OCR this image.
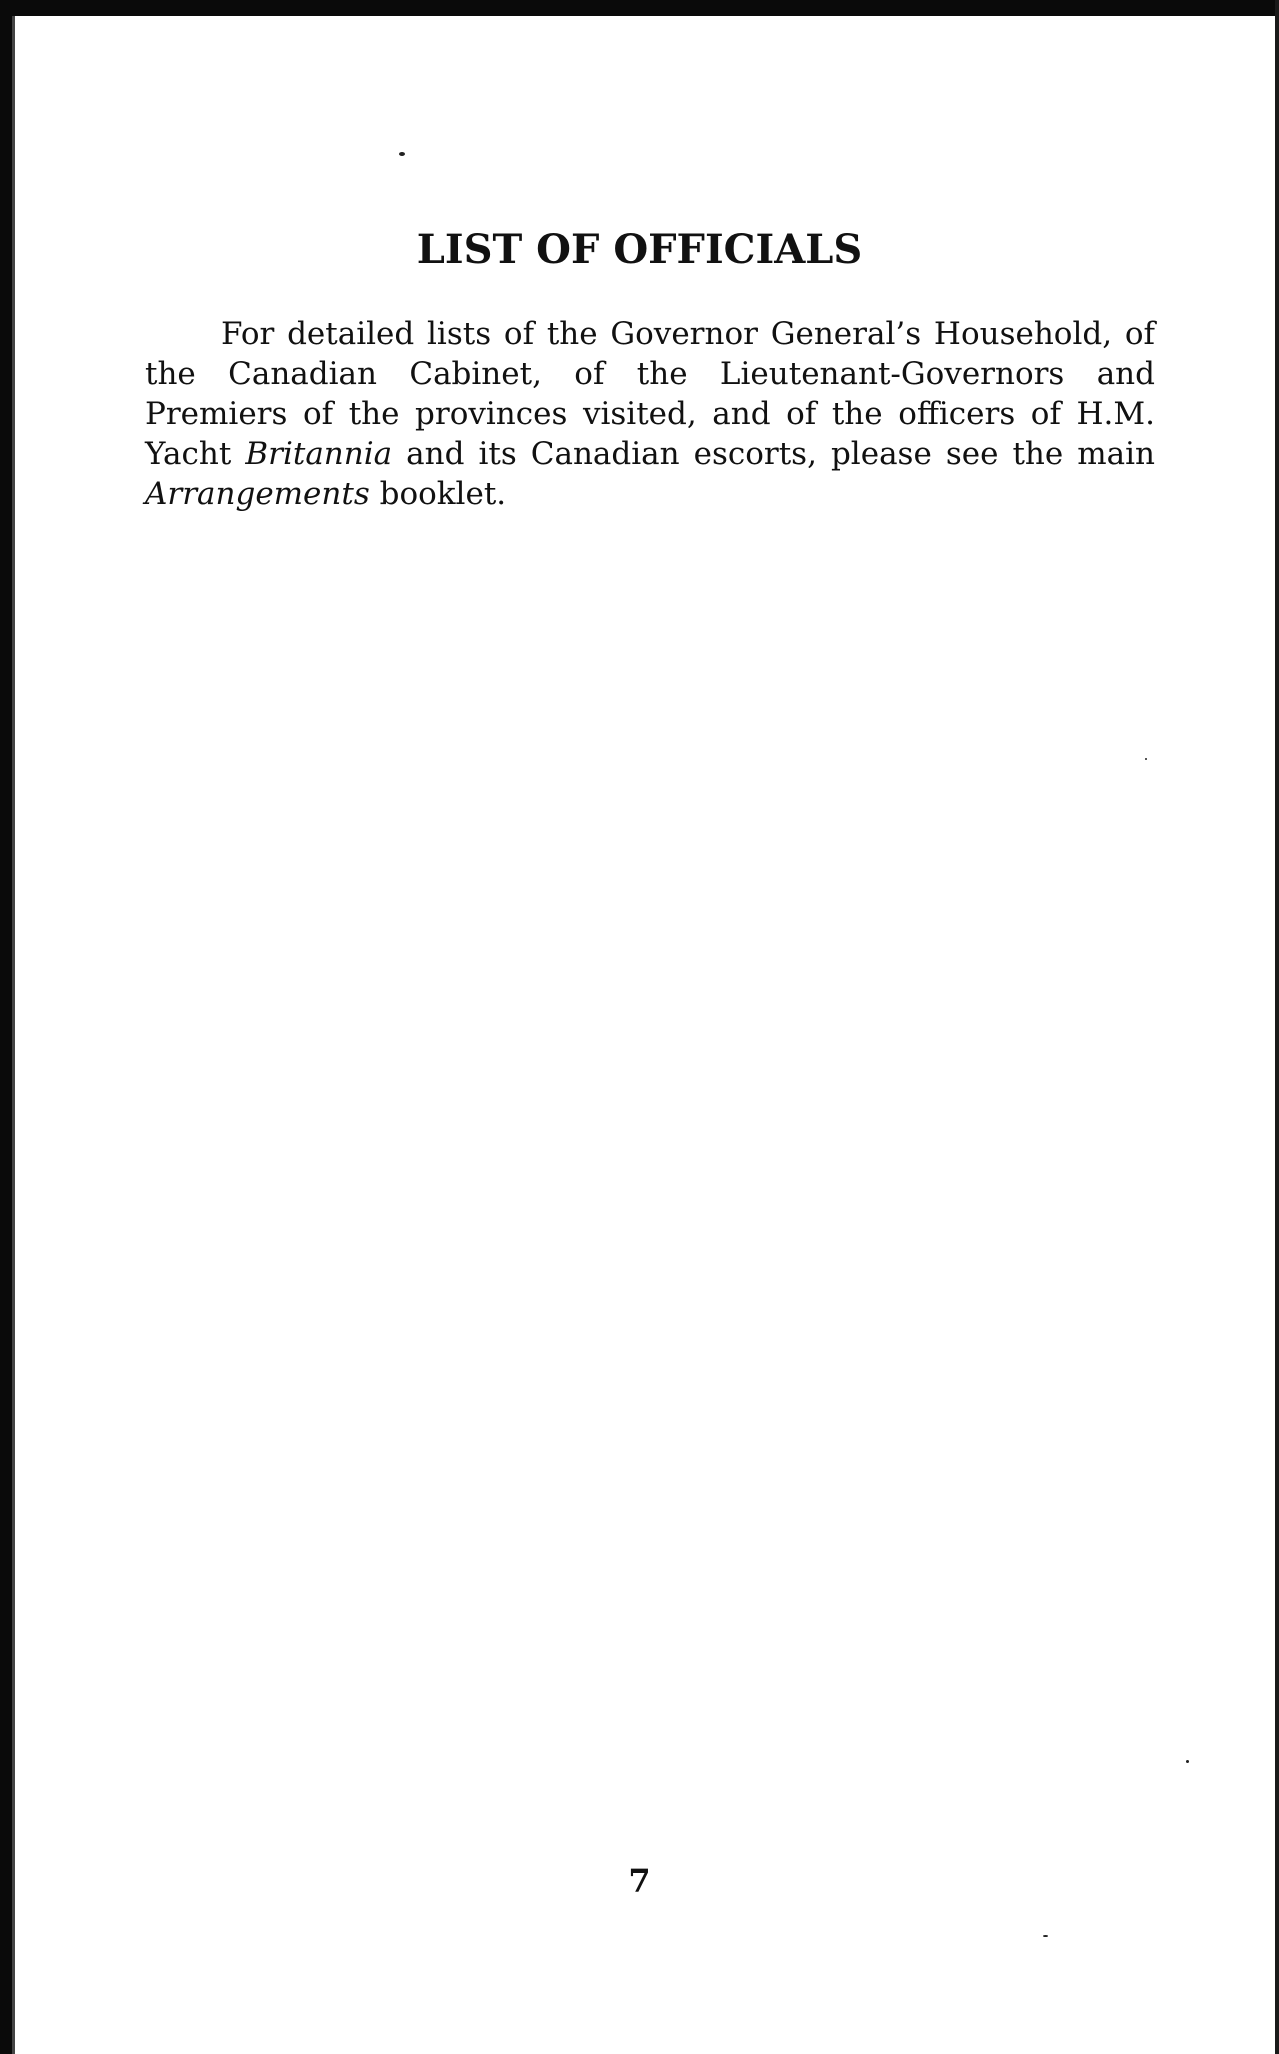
LIST OF OFFICIALS

For detailed lists of the Governor General’s Household, of the Canadian Cabinet, of the Lieutenant-Governors and Premiers of the provinces visited, and of the officers of H.M. Yacht Britannia and its Canadian escorts, please see the main Arrangements booklet.

7
